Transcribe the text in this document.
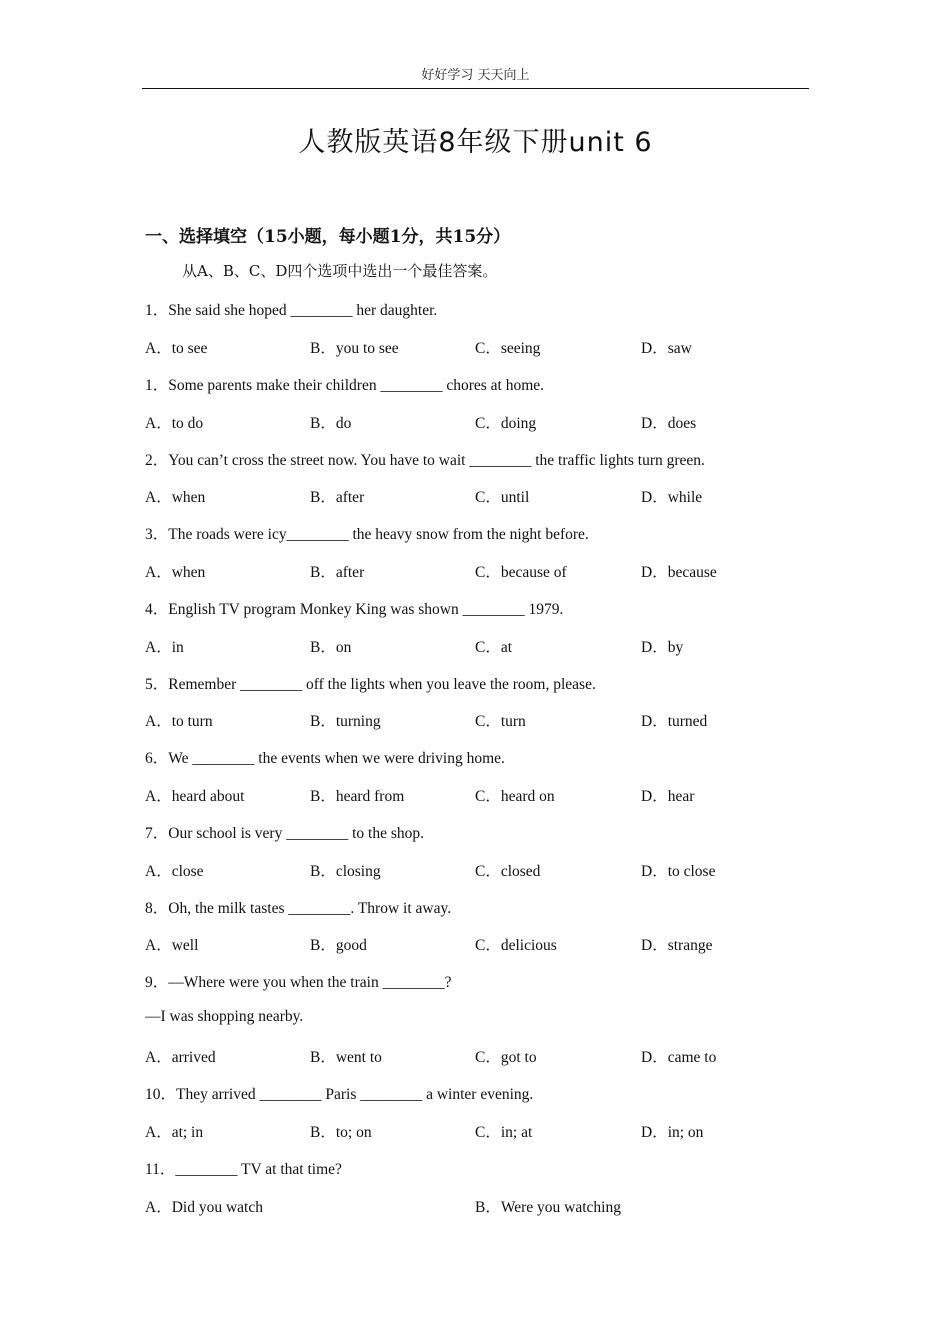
好好学习 天天向上
人教版英语8年级下册unit 6
一、选择填空（15小题，每小题1分，共15分）
从A、B、C、D四个选项中选出一个最佳答案。
1．She said she hoped ________ her daughter.
A．to see	B．you to see	C．seeing	D．saw
1．Some parents make their children ________ chores at home.
A．to do	B．do	C．doing	D．does
2．You can’t cross the street now. You have to wait ________ the traffic lights turn green.
A．when	B．after	C．until	D．while
3．The roads were icy________ the heavy snow from the night before.
A．when	B．after	C．because of	D．because
4．English TV program Monkey King was shown ________ 1979.
A．in	B．on	C．at	D．by
5．Remember ________ off the lights when you leave the room, please.
A．to turn	B．turning	C．turn	D．turned
6．We ________ the events when we were driving home.
A．heard about	B．heard from	C．heard on	D．hear
7．Our school is very ________ to the shop.
A．close	B．closing	C．closed	D．to close
8．Oh, the milk tastes ________. Throw it away.
A．well	B．good	C．delicious	D．strange
9．—Where were you when the train ________?
—I was shopping nearby.
A．arrived	B．went to	C．got to	D．came to
10．They arrived ________ Paris ________ a winter evening.
A．at; in	B．to; on	C．in; at	D．in; on
11．________ TV at that time?
A．Did you watch	B．Were you watching
